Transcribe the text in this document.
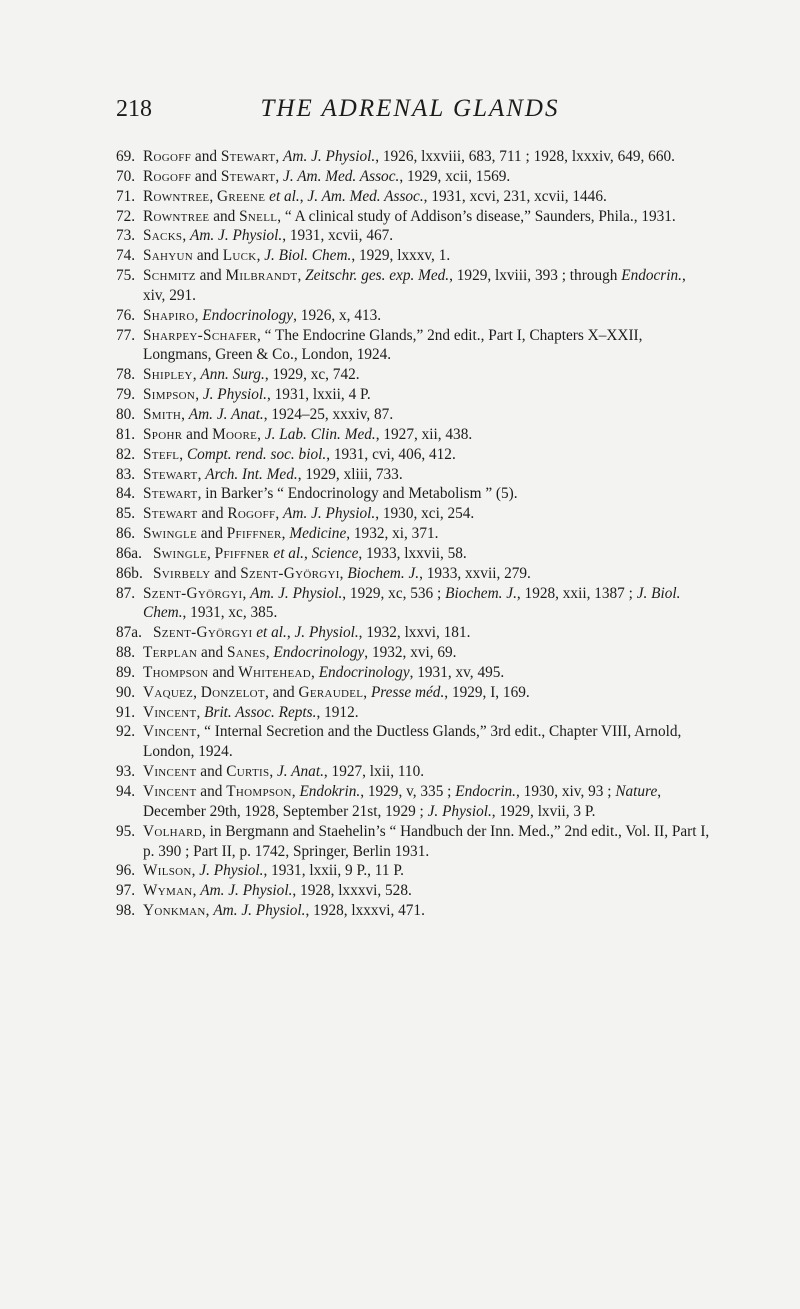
218	THE ADRENAL GLANDS
69. Rogoff and Stewart, Am. J. Physiol., 1926, lxxviii, 683, 711 ; 1928, lxxxiv, 649, 660.
70. Rogoff and Stewart, J. Am. Med. Assoc., 1929, xcii, 1569.
71. Rowntree, Greene et al., J. Am. Med. Assoc., 1931, xcvi, 231, xcvii, 1446.
72. Rowntree and Snell, “ A clinical study of Addison’s disease,” Saunders, Phila., 1931.
73. Sacks, Am. J. Physiol., 1931, xcvii, 467.
74. Sahyun and Luck, J. Biol. Chem., 1929, lxxxv, 1.
75. Schmitz and Milbrandt, Zeitschr. ges. exp. Med., 1929, lxviii, 393 ; through Endocrin., xiv, 291.
76. Shapiro, Endocrinology, 1926, x, 413.
77. Sharpey-Schafer, “ The Endocrine Glands,” 2nd edit., Part I, Chapters X–XXII, Longmans, Green & Co., London, 1924.
78. Shipley, Ann. Surg., 1929, xc, 742.
79. Simpson, J. Physiol., 1931, lxxii, 4 P.
80. Smith, Am. J. Anat., 1924–25, xxxiv, 87.
81. Spohr and Moore, J. Lab. Clin. Med., 1927, xii, 438.
82. Stefl, Compt. rend. soc. biol., 1931, cvi, 406, 412.
83. Stewart, Arch. Int. Med., 1929, xliii, 733.
84. Stewart, in Barker’s “ Endocrinology and Metabolism ” (5).
85. Stewart and Rogoff, Am. J. Physiol., 1930, xci, 254.
86. Swingle and Pfiffner, Medicine, 1932, xi, 371.
86a. Swingle, Pfiffner et al., Science, 1933, lxxvii, 58.
86b. Svirbely and Szent-Györgyi, Biochem. J., 1933, xxvii, 279.
87. Szent-Györgyi, Am. J. Physiol., 1929, xc, 536 ; Biochem. J., 1928, xxii, 1387 ; J. Biol. Chem., 1931, xc, 385.
87a. Szent-Györgyi et al., J. Physiol., 1932, lxxvi, 181.
88. Terplan and Sanes, Endocrinology, 1932, xvi, 69.
89. Thompson and Whitehead, Endocrinology, 1931, xv, 495.
90. Vaquez, Donzelot, and Geraudel, Presse méd., 1929, I, 169.
91. Vincent, Brit. Assoc. Repts., 1912.
92. Vincent, “ Internal Secretion and the Ductless Glands,” 3rd edit., Chapter VIII, Arnold, London, 1924.
93. Vincent and Curtis, J. Anat., 1927, lxii, 110.
94. Vincent and Thompson, Endokrin., 1929, v, 335 ; Endocrin., 1930, xiv, 93 ; Nature, December 29th, 1928, September 21st, 1929 ; J. Physiol., 1929, lxvii, 3 P.
95. Volhard, in Bergmann and Staehelin’s “ Handbuch der Inn. Med.,” 2nd edit., Vol. II, Part I, p. 390 ; Part II, p. 1742, Springer, Berlin 1931.
96. Wilson, J. Physiol., 1931, lxxii, 9 P., 11 P.
97. Wyman, Am. J. Physiol., 1928, lxxxvi, 528.
98. Yonkman, Am. J. Physiol., 1928, lxxxvi, 471.
